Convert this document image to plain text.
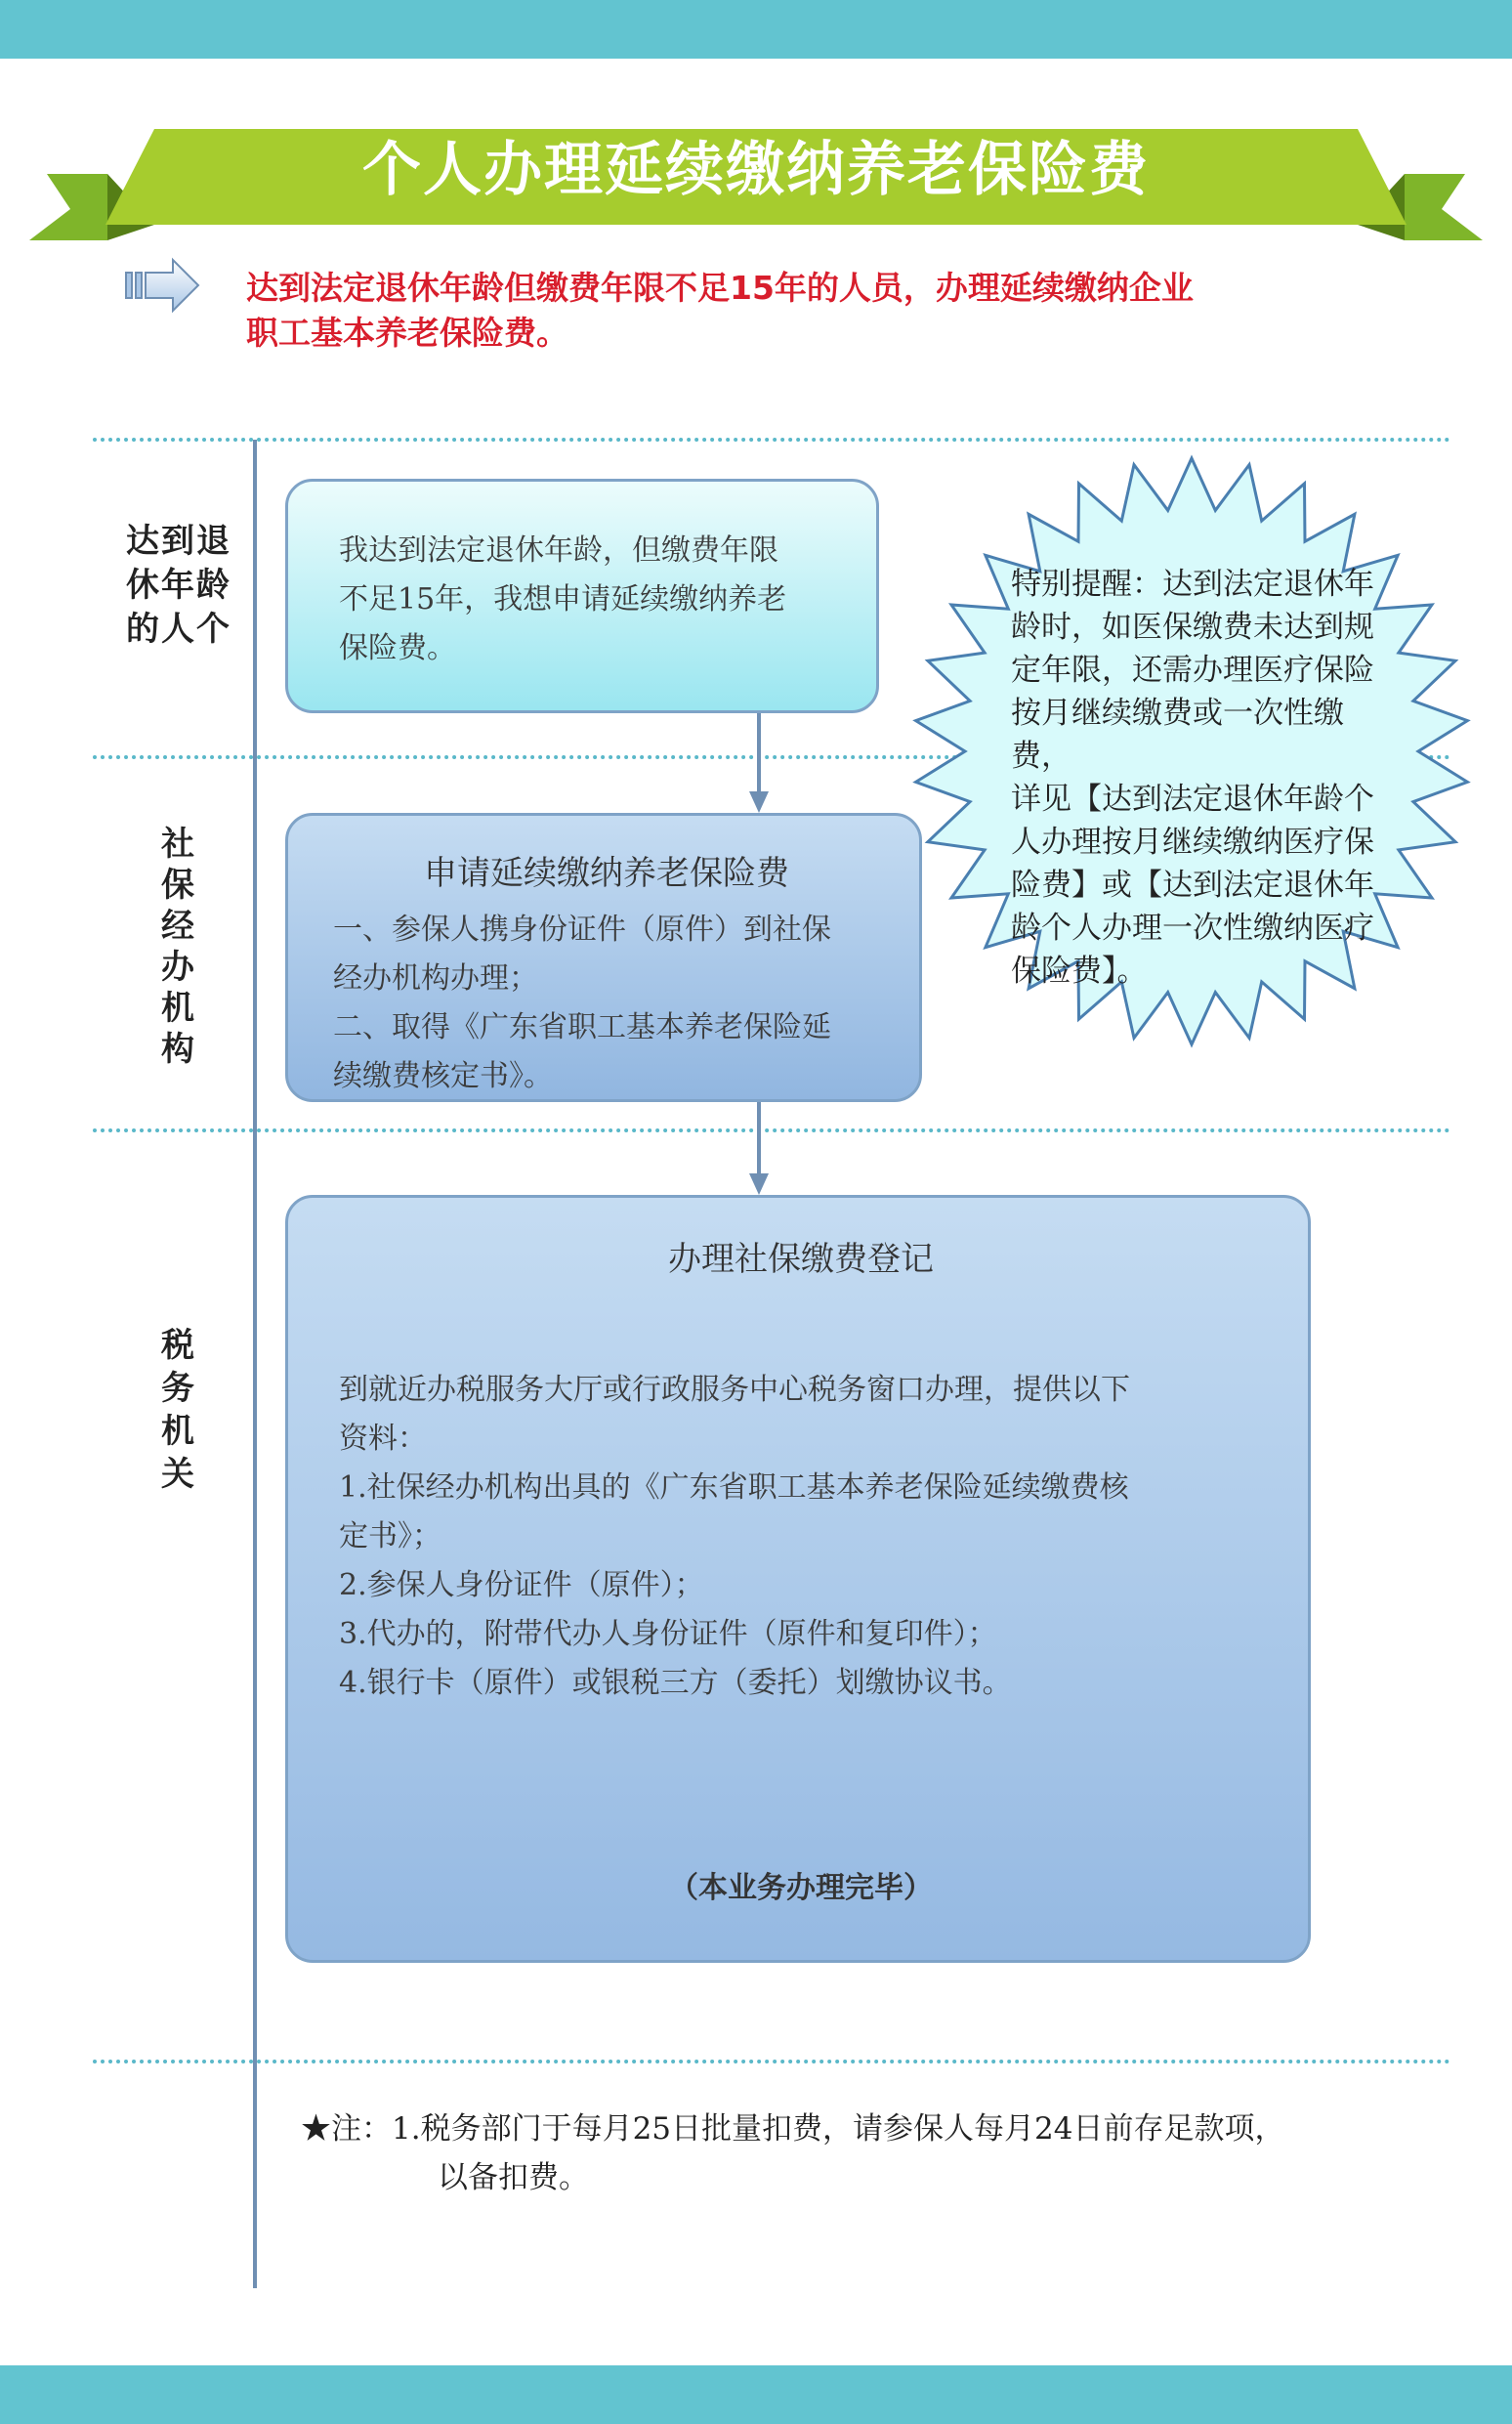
个人办理延续缴纳养老保险费
达到法定退休年龄但缴费年限不足15年的人员，办理延续缴纳企业
职工基本养老保险费。
达到退
休年龄
的人个
社
保
经
办
机
构
税
务
机
关
我达到法定退休年龄，但缴费年限
不足15年，我想申请延续缴纳养老
保险费。
申请延续缴纳养老保险费
一、参保人携身份证件（原件）到社保
经办机构办理；
二、取得《广东省职工基本养老保险延
续缴费核定书》。
办理社保缴费登记
到就近办税服务大厅或行政服务中心税务窗口办理，提供以下
资料：
1.社保经办机构出具的《广东省职工基本养老保险延续缴费核
定书》；
2.参保人身份证件（原件）；
3.代办的，附带代办人身份证件（原件和复印件）；
4.银行卡（原件）或银税三方（委托）划缴协议书。
（本业务办理完毕）
特别提醒：达到法定退休年
龄时，如医保缴费未达到规
定年限，还需办理医疗保险
按月继续缴费或一次性缴费，
详见【达到法定退休年龄个
人办理按月继续缴纳医疗保
险费】或【达到法定退休年
龄个人办理一次性缴纳医疗
保险费】。
★注：1.税务部门于每月25日批量扣费，请参保人每月24日前存足款项，
以备扣费。
